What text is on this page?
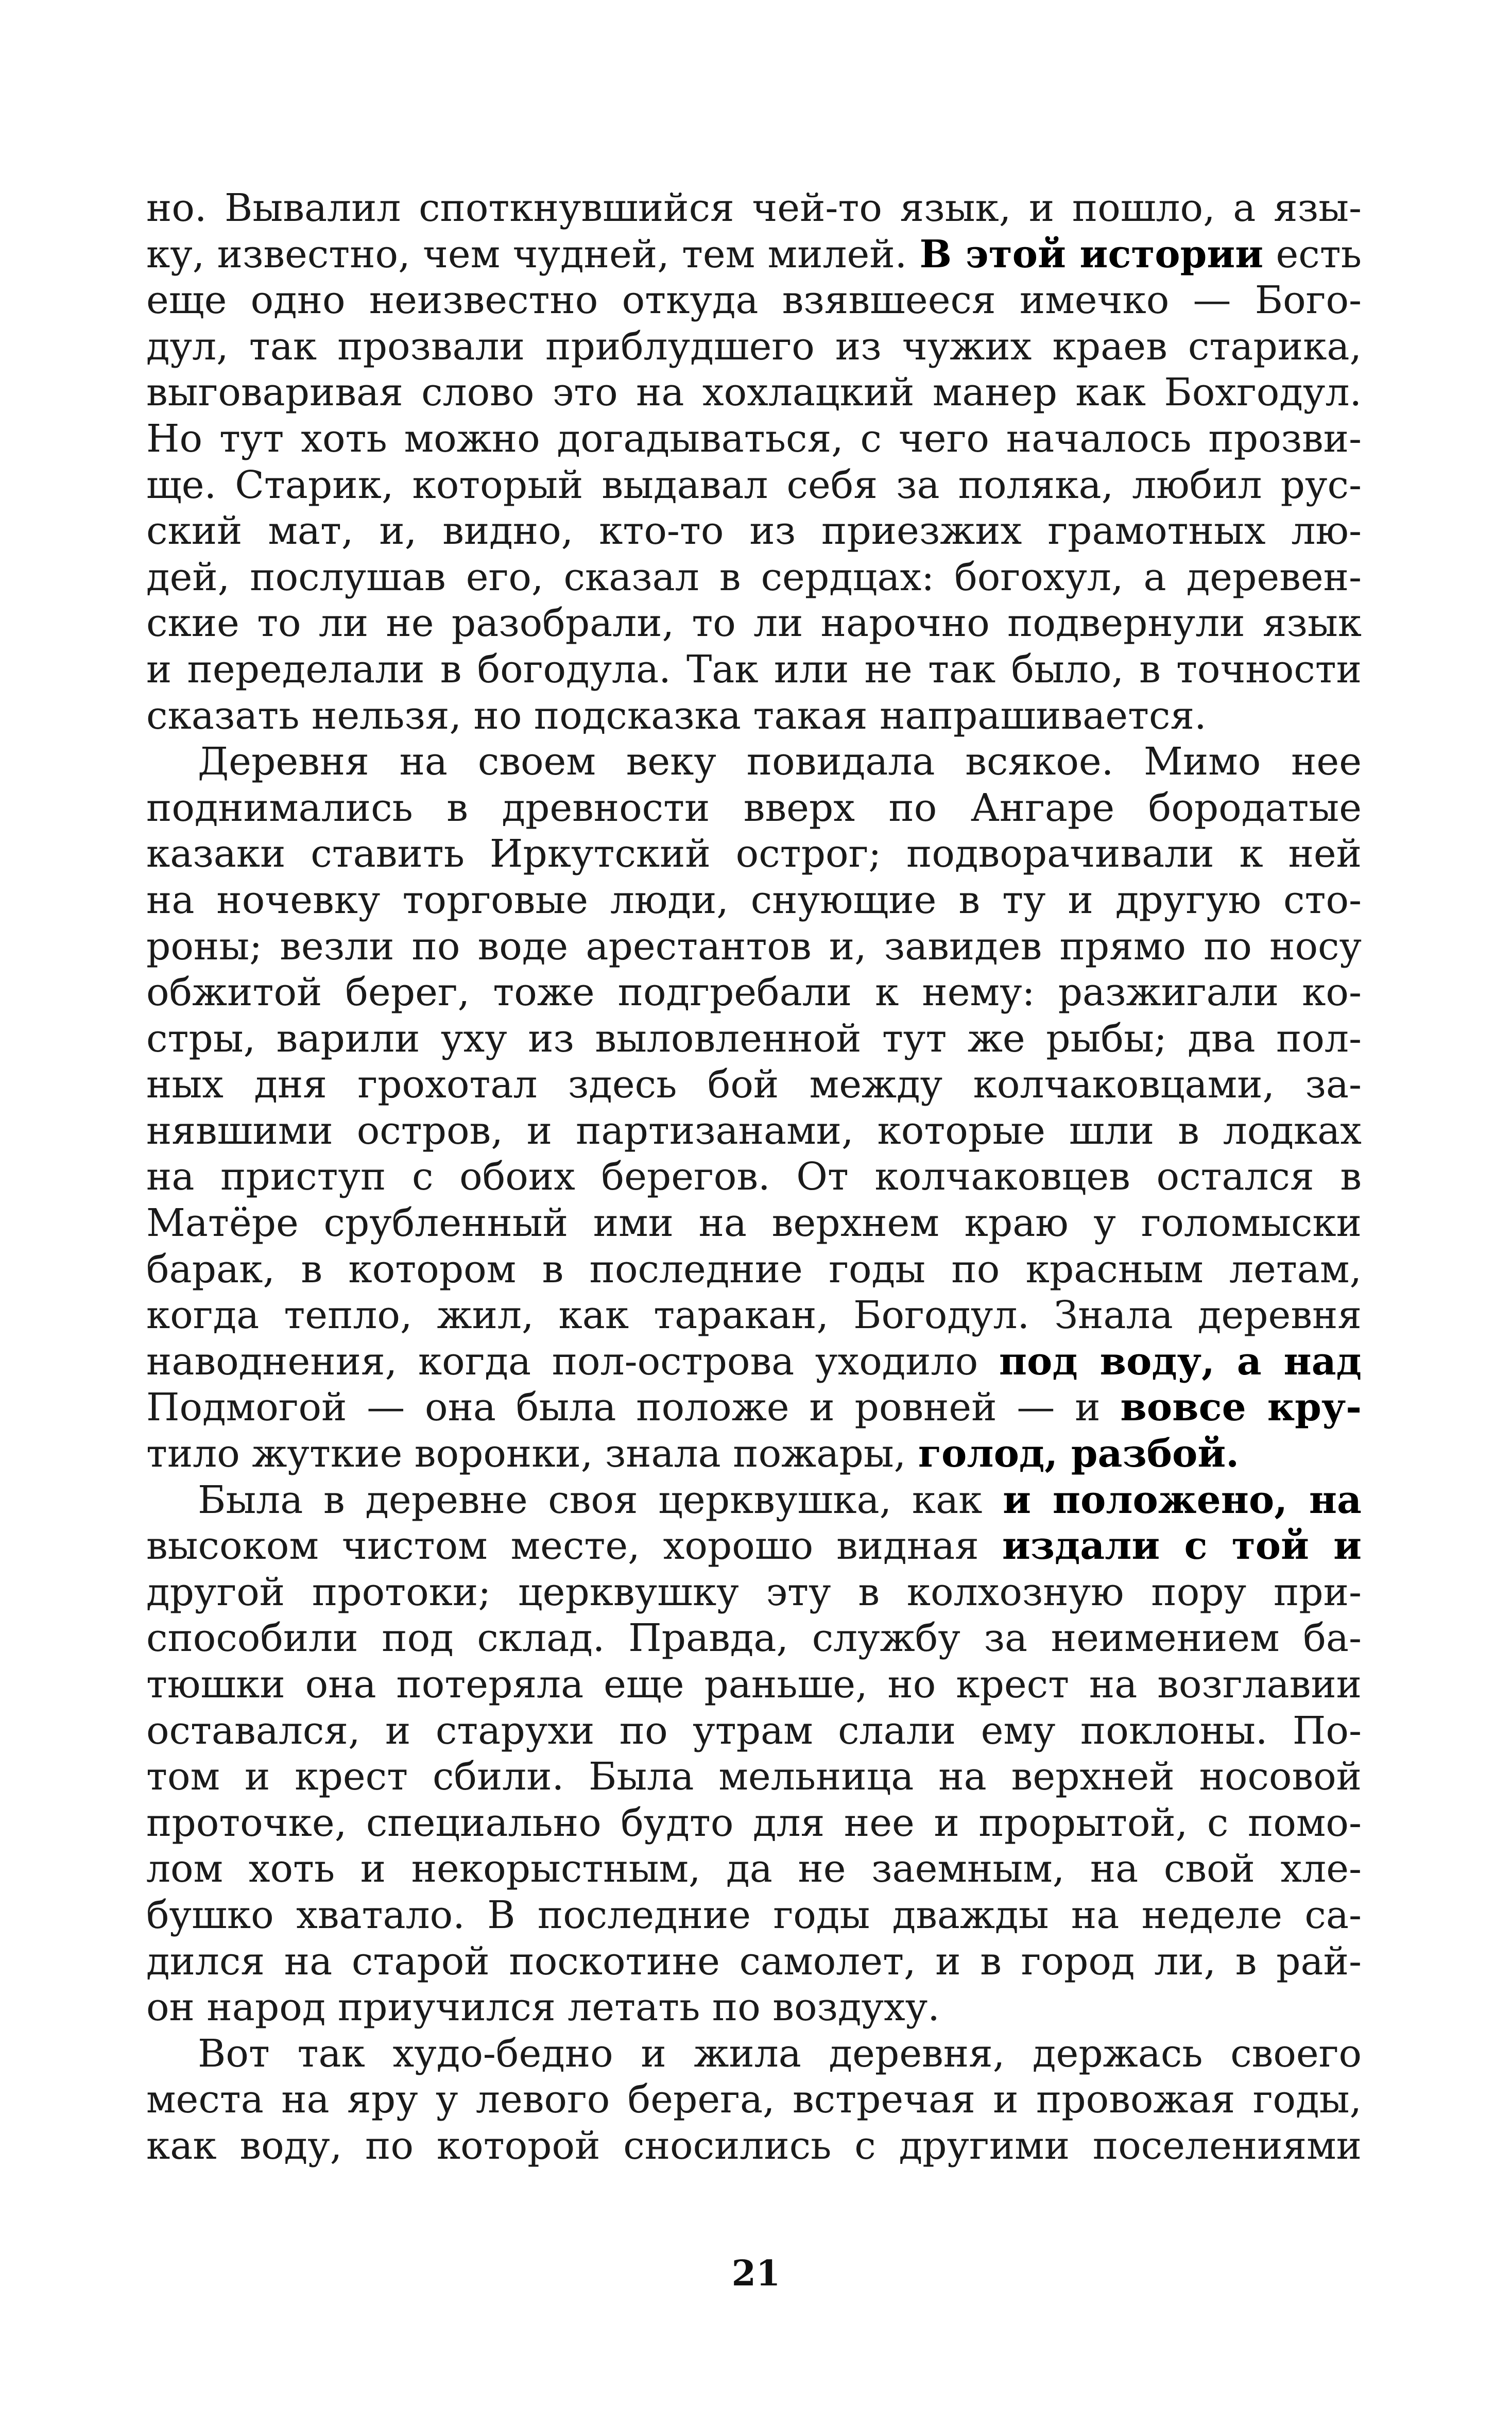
но. Вывалил споткнувшийся чей-то язык, и пошло, а язы-
ку, известно, чем чудней, тем милей. В этой истории есть
еще одно неизвестно откуда взявшееся имечко — Бого-
дул, так прозвали приблудшего из чужих краев старика,
выговаривая слово это на хохлацкий манер как Бохгодул.
Но тут хоть можно догадываться, с чего началось прозви-
ще. Старик, который выдавал себя за поляка, любил рус-
ский мат, и, видно, кто-то из приезжих грамотных лю-
дей, послушав его, сказал в сердцах: богохул, а деревен-
ские то ли не разобрали, то ли нарочно подвернули язык
и переделали в богодула. Так или не так было, в точности
сказать нельзя, но подсказка такая напрашивается.
Деревня на своем веку повидала всякое. Мимо нее
поднимались в древности вверх по Ангаре бородатые
казаки ставить Иркутский острог; подворачивали к ней
на ночевку торговые люди, снующие в ту и другую сто-
роны; везли по воде арестантов и, завидев прямо по носу
обжитой берег, тоже подгребали к нему: разжигали ко-
стры, варили уху из выловленной тут же рыбы; два пол-
ных дня грохотал здесь бой между колчаковцами, за-
нявшими остров, и партизанами, которые шли в лодках
на приступ с обоих берегов. От колчаковцев остался в
Матёре срубленный ими на верхнем краю у голомыски
барак, в котором в последние годы по красным летам,
когда тепло, жил, как таракан, Богодул. Знала деревня
наводнения, когда пол-острова уходило под воду, а над
Подмогой — она была положе и ровней — и вовсе кру-
тило жуткие воронки, знала пожары, голод, разбой.
Была в деревне своя церквушка, как и положено, на
высоком чистом месте, хорошо видная издали с той и
другой протоки; церквушку эту в колхозную пору при-
способили под склад. Правда, службу за неимением ба-
тюшки она потеряла еще раньше, но крест на возглавии
оставался, и старухи по утрам слали ему поклоны. По-
том и крест сбили. Была мельница на верхней носовой
проточке, специально будто для нее и прорытой, с помо-
лом хоть и некорыстным, да не заемным, на свой хле-
бушко хватало. В последние годы дважды на неделе са-
дился на старой поскотине самолет, и в город ли, в рай-
он народ приучился летать по воздуху.
Вот так худо-бедно и жила деревня, держась своего
места на яру у левого берега, встречая и провожая годы,
как воду, по которой сносились с другими поселениями
21
